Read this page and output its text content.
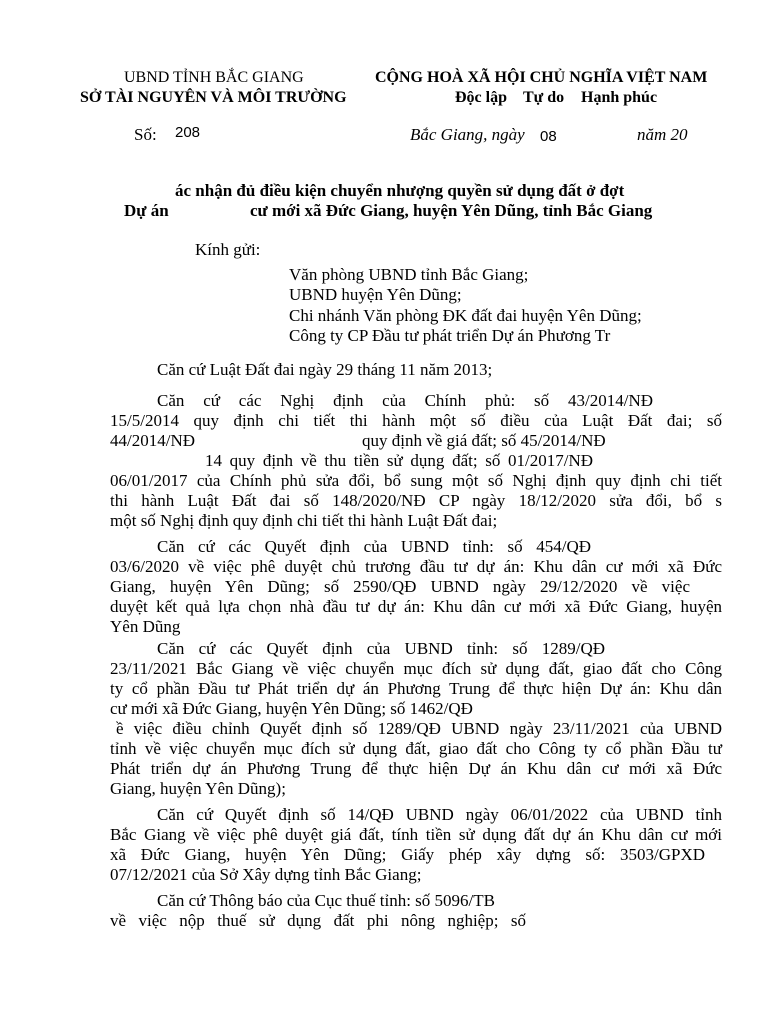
UBND TỈNH BẮC GIANG
SỞ TÀI NGUYÊN VÀ MÔI TRƯỜNG
CỘNG HOÀ XÃ HỘI CHỦ NGHĨA VIỆT NAM
Độc lập Tự do Hạnh phúc
Số: 208	Bắc Giang, ngày 08	năm 20
ác nhận đủ điều kiện chuyển nhượng quyền sử dụng đất ở đợt
Dự án	cư mới xã Đức Giang, huyện Yên Dũng, tỉnh Bắc Giang
Kính gửi:
Văn phòng UBND tỉnh Bắc Giang;
UBND huyện Yên Dũng;
Chi nhánh Văn phòng ĐK đất đai huyện Yên Dũng;
Công ty CP Đầu tư phát triển Dự án Phương Tr
Căn cứ Luật Đất đai ngày 29 tháng 11 năm 2013;
Căn cứ các Nghị định của Chính phủ: số 43/2014/NĐ
15/5/2014 quy định chi tiết thi hành một số điều của Luật Đất đai; số
44/2014/NĐ	quy định về giá đất; số 45/2014/NĐ
14 quy định về thu tiền sử dụng đất; số 01/2017/NĐ
06/01/2017 của Chính phủ sửa đổi, bổ sung một số Nghị định quy định chi tiết
thi hành Luật Đất đai số 148/2020/NĐ CP ngày 18/12/2020 sửa đổi, bổ s
một số Nghị định quy định chi tiết thi hành Luật Đất đai;
Căn cứ các Quyết định của UBND tỉnh: số 454/QĐ
03/6/2020 về việc phê duyệt chủ trương đầu tư dự án: Khu dân cư mới xã Đức
Giang, huyện Yên Dũng; số 2590/QĐ UBND ngày 29/12/2020 về việc
duyệt kết quả lựa chọn nhà đầu tư dự án: Khu dân cư mới xã Đức Giang, huyện
Yên Dũng
Căn cứ các Quyết định của UBND tỉnh: số 1289/QĐ
23/11/2021 Bắc Giang về việc chuyển mục đích sử dụng đất, giao đất cho Công
ty cổ phần Đầu tư Phát triển dự án Phương Trung để thực hiện Dự án: Khu dân
cư mới xã Đức Giang, huyện Yên Dũng; số 1462/QĐ
ề việc điều chỉnh Quyết định số 1289/QĐ UBND ngày 23/11/2021 của UBND
tỉnh về việc chuyển mục đích sử dụng đất, giao đất cho Công ty cổ phần Đầu tư
Phát triển dự án Phương Trung để thực hiện Dự án Khu dân cư mới xã Đức
Giang, huyện Yên Dũng);
Căn cứ Quyết định số 14/QĐ UBND ngày 06/01/2022 của UBND tỉnh
Bắc Giang về việc phê duyệt giá đất, tính tiền sử dụng đất dự án Khu dân cư mới
xã Đức Giang, huyện Yên Dũng; Giấy phép xây dựng số: 3503/GPXD
07/12/2021 của Sở Xây dựng tỉnh Bắc Giang;
Căn cứ Thông báo của Cục thuế tỉnh: số 5096/TB
về việc nộp thuế sử dụng đất phi nông nghiệp; số
